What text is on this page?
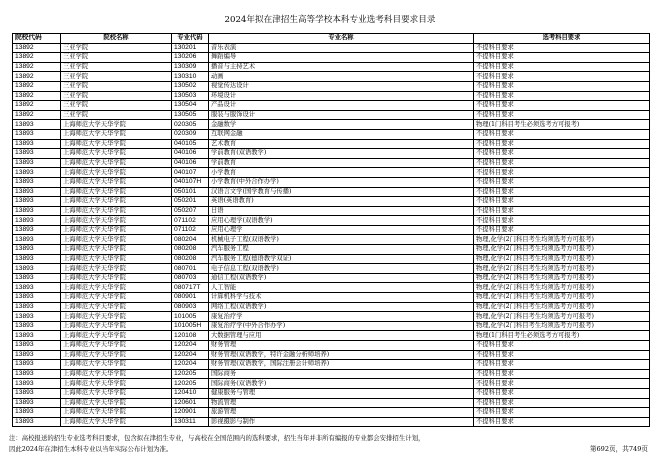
2024年拟在津招生高等学校本科专业选考科目要求目录
院校代码	院校名称	专业代码	专业名称	选考科目要求
13892	三亚学院	130201	音乐表演	不提科目要求
13892	三亚学院	130206	舞蹈编导	不提科目要求
13892	三亚学院	130309	播音与主持艺术	不提科目要求
13892	三亚学院	130310	动画	不提科目要求
13892	三亚学院	130502	视觉传达设计	不提科目要求
13892	三亚学院	130503	环境设计	不提科目要求
13892	三亚学院	130504	产品设计	不提科目要求
13892	三亚学院	130505	服装与服饰设计	不提科目要求
13893	上海师范大学天华学院	020305	金融数学	物理(1门科目考生必须选考方可报考)
13893	上海师范大学天华学院	020309	互联网金融	不提科目要求
13893	上海师范大学天华学院	040105	艺术教育	不提科目要求
13893	上海师范大学天华学院	040106	学前教育(双语教学)	不提科目要求
13893	上海师范大学天华学院	040106	学前教育	不提科目要求
13893	上海师范大学天华学院	040107	小学教育	不提科目要求
13893	上海师范大学天华学院	040107H	小学教育(中外合作办学)	不提科目要求
13893	上海师范大学天华学院	050101	汉语言文学(国学教育与传播)	不提科目要求
13893	上海师范大学天华学院	050201	英语(英语教育)	不提科目要求
13893	上海师范大学天华学院	050207	日语	不提科目要求
13893	上海师范大学天华学院	071102	应用心理学(双语教学)	不提科目要求
13893	上海师范大学天华学院	071102	应用心理学	不提科目要求
13893	上海师范大学天华学院	080204	机械电子工程(双语教学)	物理,化学(2门科目考生均须选考方可报考)
13893	上海师范大学天华学院	080208	汽车服务工程	物理,化学(2门科目考生均须选考方可报考)
13893	上海师范大学天华学院	080208	汽车服务工程(德语教学双证)	物理,化学(2门科目考生均须选考方可报考)
13893	上海师范大学天华学院	080701	电子信息工程(双语教学)	物理,化学(2门科目考生均须选考方可报考)
13893	上海师范大学天华学院	080703	通信工程(双语教学)	物理,化学(2门科目考生均须选考方可报考)
13893	上海师范大学天华学院	080717T	人工智能	物理,化学(2门科目考生均须选考方可报考)
13893	上海师范大学天华学院	080901	计算机科学与技术	物理,化学(2门科目考生均须选考方可报考)
13893	上海师范大学天华学院	080903	网络工程(双语教学)	物理,化学(2门科目考生均须选考方可报考)
13893	上海师范大学天华学院	101005	康复治疗学	物理,化学(2门科目考生均须选考方可报考)
13893	上海师范大学天华学院	101005H	康复治疗学(中外合作办学)	物理,化学(2门科目考生均须选考方可报考)
13893	上海师范大学天华学院	120108	大数据管理与应用	物理(1门科目考生必须选考方可报考)
13893	上海师范大学天华学院	120204	财务管理	不提科目要求
13893	上海师范大学天华学院	120204	财务管理(双语教学，特许金融分析师培养)	不提科目要求
13893	上海师范大学天华学院	120204	财务管理(双语教学，国际注册会计师培养)	不提科目要求
13893	上海师范大学天华学院	120205	国际商务	不提科目要求
13893	上海师范大学天华学院	120205	国际商务(双语教学)	不提科目要求
13893	上海师范大学天华学院	120410	健康服务与管理	不提科目要求
13893	上海师范大学天华学院	120601	物流管理	不提科目要求
13893	上海师范大学天华学院	120901	旅游管理	不提科目要求
13893	上海师范大学天华学院	130311	影视摄影与制作	不提科目要求
注：高校报送的招生专业选考科目要求，包含拟在津招生专业，与高校在全国范围内的选科要求，招生当年并非所有编报的专业都会安排招生计划，
因此2024年在津招生本科专业以当年实际公布计划为准。	第692页，共749页
